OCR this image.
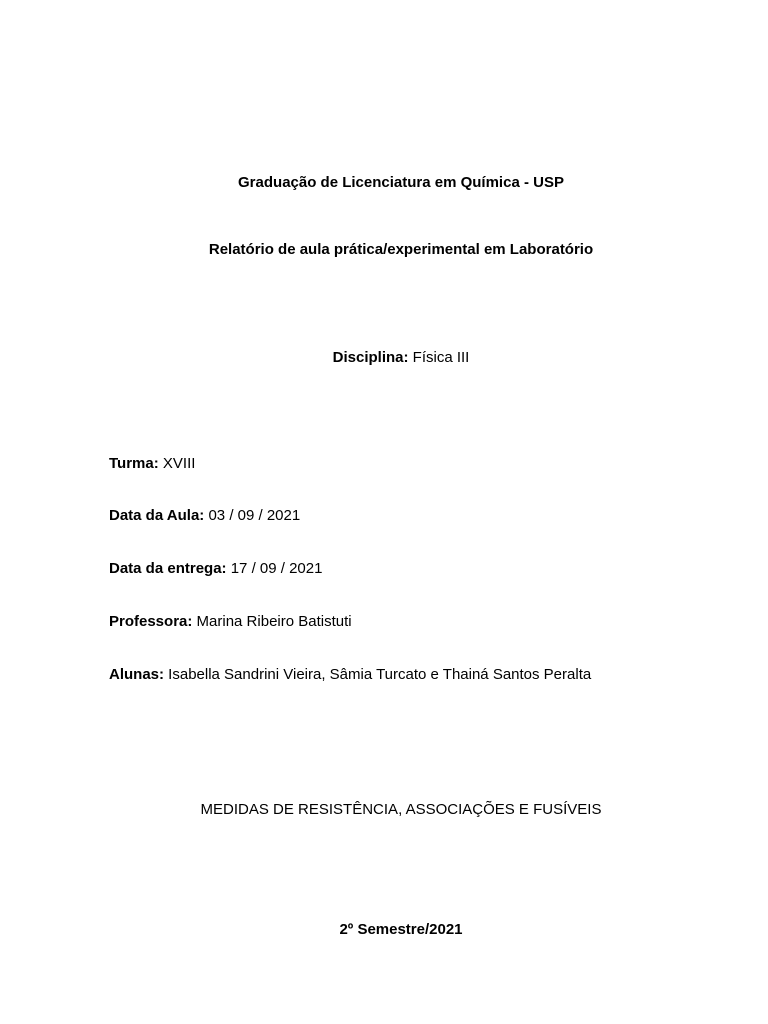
Graduação de Licenciatura em Química - USP
Relatório de aula prática/experimental em Laboratório
Disciplina: Física III
Turma: XVIII
Data da Aula: 03 / 09 / 2021
Data da entrega: 17 / 09 / 2021
Professora: Marina Ribeiro Batistuti
Alunas: Isabella Sandrini Vieira, Sâmia Turcato e Thainá Santos Peralta
MEDIDAS DE RESISTÊNCIA, ASSOCIAÇÕES E FUSÍVEIS
2º Semestre/2021
